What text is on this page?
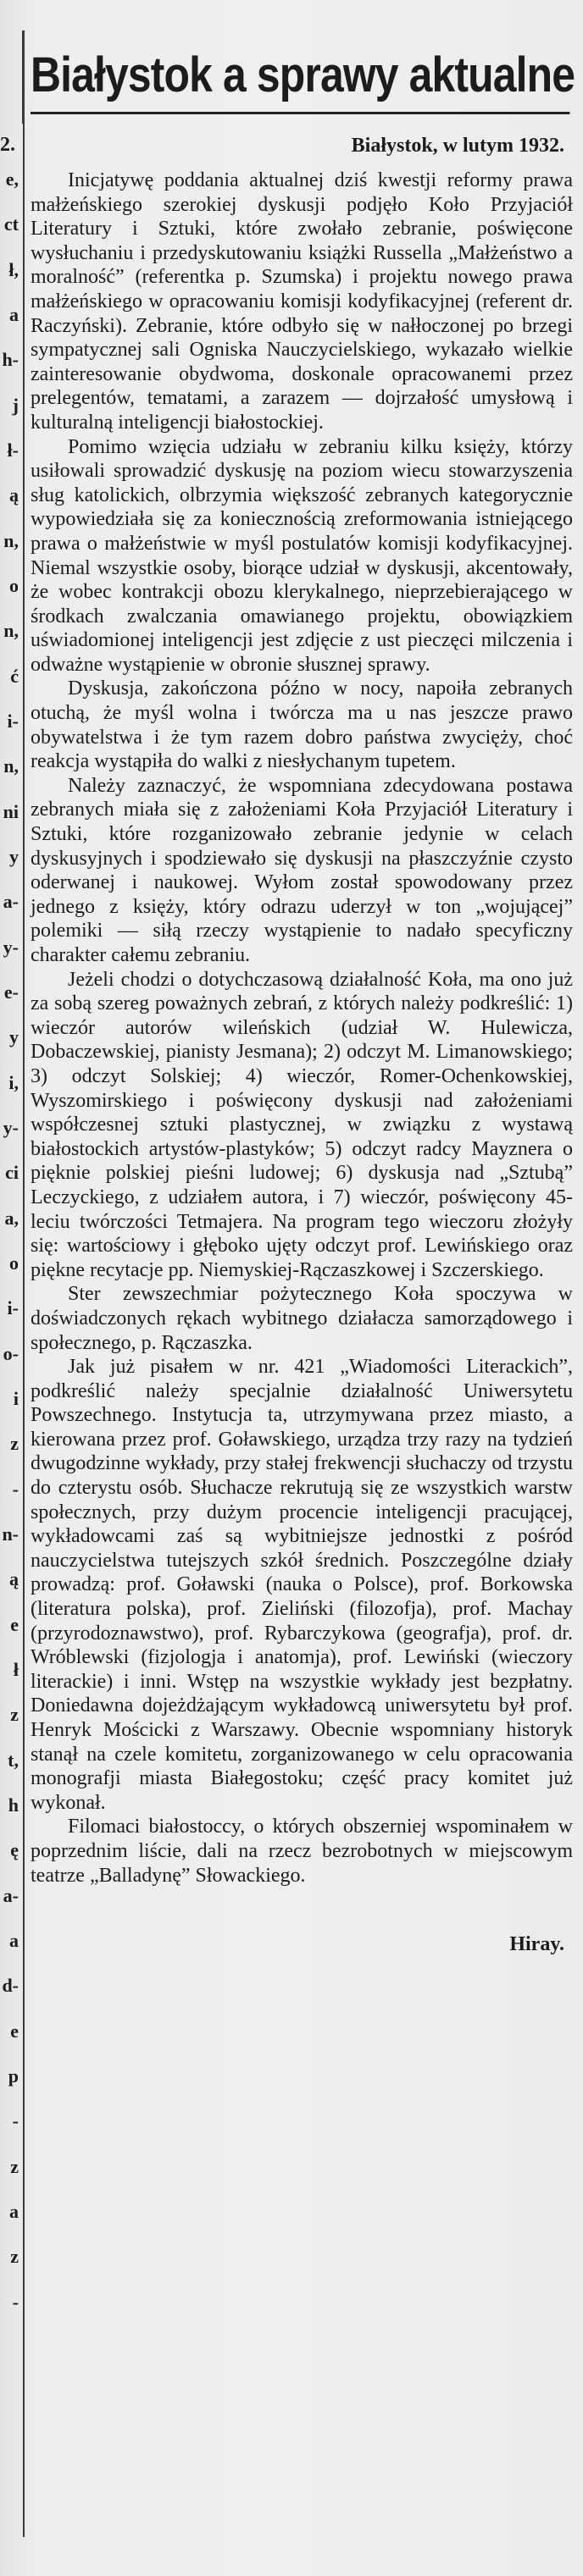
e,
ct
ł,
a
h-
j
ł-
ą
n,
o
n,
ć
i-
n,
ni
y
a-
y-
e-
y
i,
y-
ci
a,
o
i-
o-
i
z
-
n-
ą
e
ł
z
t,
h
ę
a-
a
d-
e
p
-
z
a
z
-
2.
Białystok a sprawy aktualne
Białystok, w lutym 1932.

Inicjatywę poddania aktualnej dziś kwestji reformy prawa małżeńskiego szerokiej dyskusji podjęło Koło Przyjaciół Literatury i Sztuki, które zwołało zebranie, poświęcone wysłuchaniu i przedyskutowaniu książki Russella „Małżeństwo a moralność” (referentka p. Szumska) i projektu nowego prawa małżeńskiego w opracowaniu komisji kodyfikacyjnej (referent dr. Raczyński). Zebranie, które odbyło się w nałłoczonej po brzegi sympatycznej sali Ogniska Nauczycielskiego, wykazało wielkie zainteresowanie obydwoma, doskonale opracowanemi przez prelegentów, tematami, a zarazem — dojrzałość umysłową i kulturalną inteligencji białostockiej.

Pomimo wzięcia udziału w zebraniu kilku księży, którzy usiłowali sprowadzić dyskusję na poziom wiecu stowarzyszenia sług katolickich, olbrzymia większość zebranych kategorycznie wypowiedziała się za koniecznością zreformowania istniejącego prawa o małżeństwie w myśl postulatów komisji kodyfikacyjnej. Niemal wszystkie osoby, biorące udział w dyskusji, akcentowały, że wobec kontrakcji obozu klerykalnego, nieprzebierającego w środkach zwalczania omawianego projektu, obowiązkiem uświadomionej inteligencji jest zdjęcie z ust pieczęci milczenia i odważne wystąpienie w obronie słusznej sprawy.

Dyskusja, zakończona późno w nocy, napoiła zebranych otuchą, że myśl wolna i twórcza ma u nas jeszcze prawo obywatelstwa i że tym razem dobro państwa zwycięży, choć reakcja wystąpiła do walki z niesłychanym tupetem.

Należy zaznaczyć, że wspomniana zdecydowana postawa zebranych miała się z założeniami Koła Przyjaciół Literatury i Sztuki, które rozganizowało zebranie jedynie w celach dyskusyjnych i spodziewało się dyskusji na płaszczyźnie czysto oderwanej i naukowej. Wyłom został spowodowany przez jednego z księży, który odrazu uderzył w ton „wojującej” polemiki — siłą rzeczy wystąpienie to nadało specyficzny charakter całemu zebraniu.

Jeżeli chodzi o dotychczasową działalność Koła, ma ono już za sobą szereg poważnych zebrań, z których należy podkreślić: 1) wieczór autorów wileńskich (udział W. Hulewicza, Dobaczewskiej, pianisty Jesmana); 2) odczyt M. Limanowskiego; 3) odczyt Solskiej; 4) wieczór, Romer-Ochenkowskiej, Wyszomirskiego i poświęcony dyskusji nad założeniami współczesnej sztuki plastycznej, w związku z wystawą białostockich artystów-plastyków; 5) odczyt radcy Mayznera o pięknie polskiej pieśni ludowej; 6) dyskusja nad „Sztubą” Leczyckiego, z udziałem autora, i 7) wieczór, poświęcony 45-leciu twórczości Tetmajera. Na program tego wieczoru złożyły się: wartościowy i głęboko ujęty odczyt prof. Lewińskiego oraz piękne recytacje pp. Niemyskiej-Rączaszkowej i Szczerskiego.

Ster zewszechmiar pożytecznego Koła spoczywa w doświadczonych rękach wybitnego działacza samorządowego i społecznego, p. Rączaszka.

Jak już pisałem w nr. 421 „Wiadomości Literackich”, podkreślić należy specjalnie działalność Uniwersytetu Powszechnego. Instytucja ta, utrzymywana przez miasto, a kierowana przez prof. Goławskiego, urządza trzy razy na tydzień dwugodzinne wykłady, przy stałej frekwencji słuchaczy od trzystu do czterystu osób. Słuchacze rekrutują się ze wszystkich warstw społecznych, przy dużym procencie inteligencji pracującej, wykładowcami zaś są wybitniejsze jednostki z pośród nauczycielstwa tutejszych szkół średnich. Poszczególne działy prowadzą: prof. Goławski (nauka o Polsce), prof. Borkowska (literatura polska), prof. Zieliński (filozofja), prof. Machay (przyrodoznawstwo), prof. Rybarczykowa (geografja), prof. dr. Wróblewski (fizjologja i anatomja), prof. Lewiński (wieczory literackie) i inni. Wstęp na wszystkie wykłady jest bezpłatny. Doniedawna dojeżdżającym wykładowcą uniwersytetu był prof. Henryk Mościcki z Warszawy. Obecnie wspomniany historyk stanął na czele komitetu, zorganizowanego w celu opracowania monografji miasta Białegostoku; część pracy komitet już wykonał.

Filomaci białostoccy, o których obszerniej wspominałem w poprzednim liście, dali na rzecz bezrobotnych w miejscowym teatrze „Balladynę” Słowackiego.

Hiray.
